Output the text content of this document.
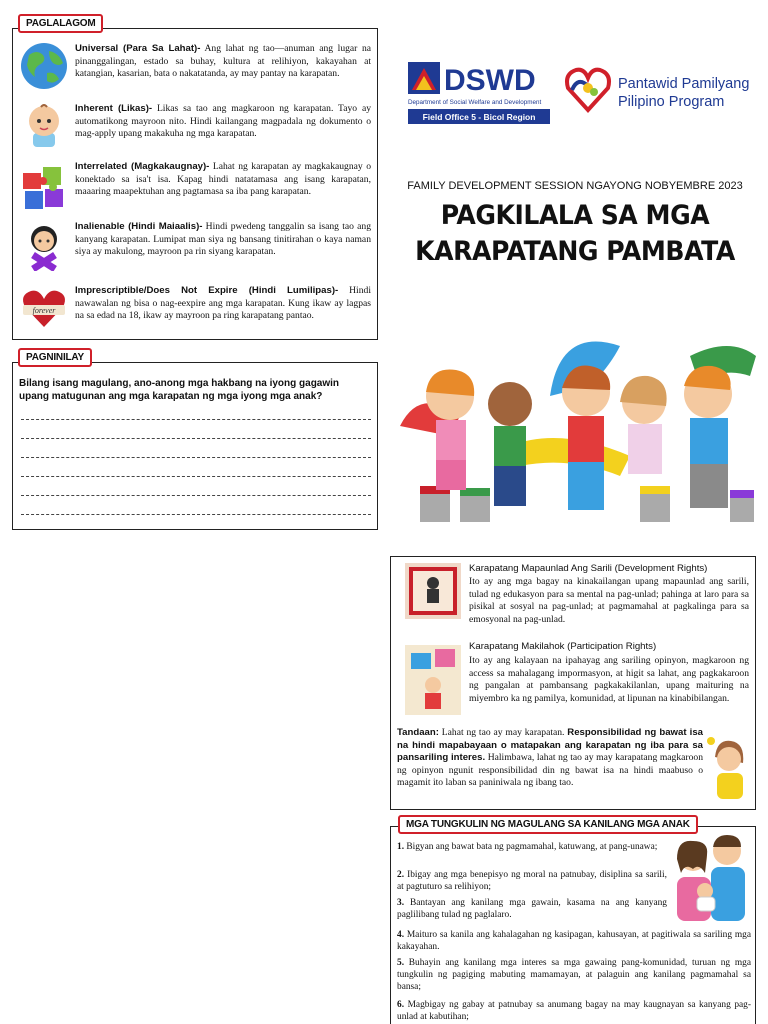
PAGLALAGOM
Universal (Para Sa Lahat)- Ang lahat ng tao—anuman ang lugar na pinanggalingan, estado sa buhay, kultura at relihiyon, kakayahan at katangian, kasarian, bata o nakatatanda, ay may pantay na karapatan.
Inherent (Likas)- Likas sa tao ang magkaroon ng karapatan. Tayo ay automatikong mayroon nito. Hindi kailangang magpadala ng dokumento o mag-apply upang makakuha ng mga karapatan.
Interrelated (Magkakaugnay)- Lahat ng karapatan ay magkakaugnay o konektado sa isa't isa. Kapag hindi natatamasa ang isang karapatan, maaaring maapektuhan ang pagtamasa sa iba pang karapatan.
Inalienable (Hindi Maiaalis)- Hindi pwedeng tanggalin sa isang tao ang kanyang karapatan. Lumipat man siya ng bansang tinitirahan o kaya naman siya ay makulong, mayroon pa rin siyang karapatan.
forever
Imprescriptible/Does Not Expire (Hindi Lumilipas)- Hindi nawawalan ng bisa o nag-eexpire ang mga karapatan. Kung ikaw ay lagpas na sa edad na 18, ikaw ay mayroon pa ring karapatang pantao.
PAGNINILAY
Bilang isang magulang, ano-anong mga hakbang na iyong gagawin upang matugunan ang mga karapatan ng mga iyong mga anak?
DSWD
Department of Social Welfare and Development
Field Office 5 - Bicol Region
Pantawid Pamilyang
Pilipino Program
FAMILY DEVELOPMENT SESSION NGAYONG NOBYEMBRE 2023
PAGKILALA SA MGA
KARAPATANG PAMBATA
Karapatang Mapaunlad Ang Sarili (Development Rights)
Ito ay ang mga bagay na kinakailangan upang mapaunlad ang sarili, tulad ng edukasyon para sa mental na pag-unlad; pahinga at laro para sa pisikal at sosyal na pag-unlad; at pagmamahal at pagkalinga para sa emosyonal na pag-unlad.
Karapatang Makilahok (Participation Rights)
Ito ay ang kalayaan na ipahayag ang sariling opinyon, magkaroon ng access sa mahalagang impormasyon, at higit sa lahat, ang pagkakaroon ng pangalan at pambansang pagkakakilanlan, upang maituring na miyembro ka ng pamilya, komunidad, at lipunan na kinabibilangan.
Tandaan: Lahat ng tao ay may karapatan. Responsibilidad ng bawat isa na hindi mapabayaan o matapakan ang karapatan ng iba para sa pansariling interes. Halimbawa, lahat ng tao ay may karapatang magkaroon ng opinyon ngunit responsibilidad din ng bawat isa na hindi maabuso o magamit ito laban sa paniniwala ng ibang tao.
MGA TUNGKULIN NG MAGULANG SA KANILANG MGA ANAK
1. Bigyan ang bawat bata ng pagmamahal, katuwang, at pang-unawa;
2. Ibigay ang mga benepisyo ng moral na patnubay, disiplina sa sarili, at pagtuturo sa relihiyon;
3. Bantayan ang kanilang mga gawain, kasama na ang kanyang paglilibang tulad ng paglalaro.
4. Maituro sa kanila ang kahalagahan ng kasipagan, kahusayan, at pagitiwala sa sariling mga kakayahan.
5. Buhayin ang kanilang mga interes sa mga gawaing pang-komunidad, turuan ng mga tungkulin ng pagiging mabuting mamamayan, at palaguin ang kanilang pagmamahal sa bansa;
6. Magbigay ng gabay at patnubay sa anumang bagay na may kaugnayan sa kanyang pag-unlad at kabutihan;
